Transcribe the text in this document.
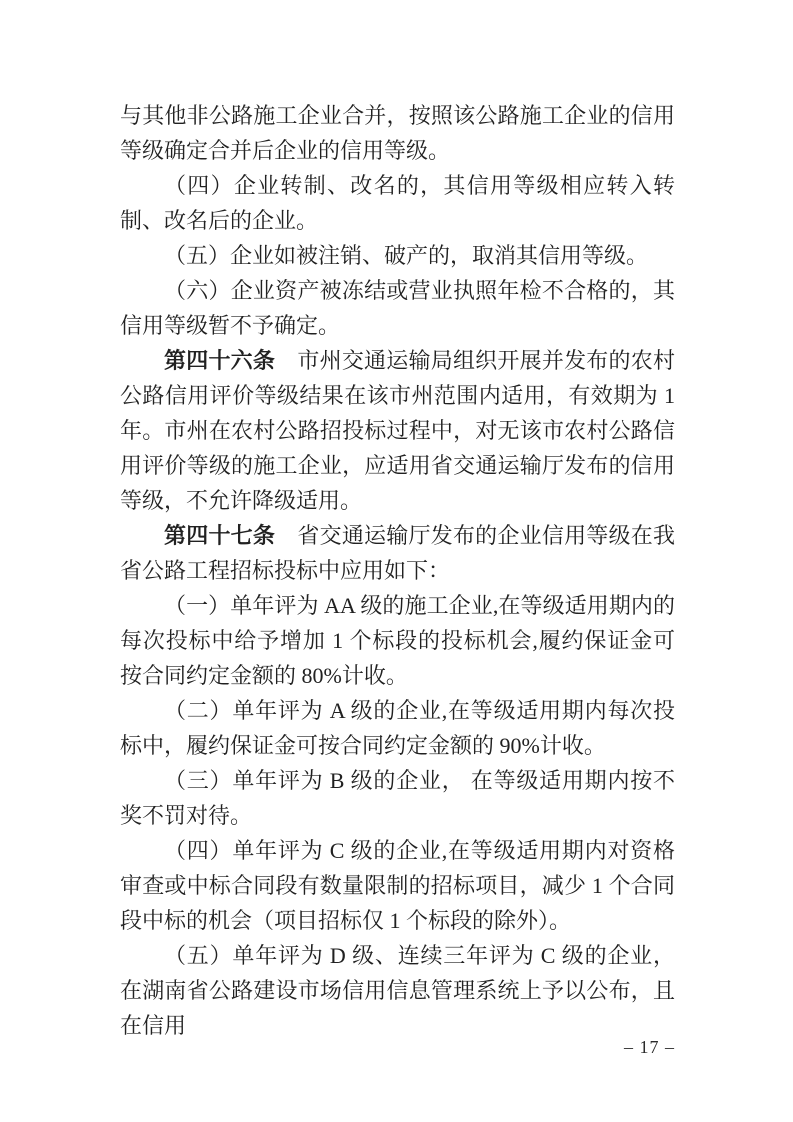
与其他非公路施工企业合并，按照该公路施工企业的信用等级确定合并后企业的信用等级。

（四）企业转制、改名的，其信用等级相应转入转制、改名后的企业。

（五）企业如被注销、破产的，取消其信用等级。

（六）企业资产被冻结或营业执照年检不合格的，其信用等级暂不予确定。

第四十六条　市州交通运输局组织开展并发布的农村公路信用评价等级结果在该市州范围内适用，有效期为 1 年。市州在农村公路招投标过程中，对无该市农村公路信用评价等级的施工企业，应适用省交通运输厅发布的信用等级，不允许降级适用。

第四十七条　省交通运输厅发布的企业信用等级在我省公路工程招标投标中应用如下：

（一）单年评为 AA 级的施工企业,在等级适用期内的每次投标中给予增加 1 个标段的投标机会,履约保证金可按合同约定金额的 80%计收。

（二）单年评为 A 级的企业,在等级适用期内每次投标中，履约保证金可按合同约定金额的 90%计收。

（三）单年评为 B 级的企业， 在等级适用期内按不奖不罚对待。

（四）单年评为 C 级的企业,在等级适用期内对资格审查或中标合同段有数量限制的招标项目，减少 1 个合同段中标的机会（项目招标仅 1 个标段的除外）。

（五）单年评为 D 级、连续三年评为 C 级的企业，在湖南省公路建设市场信用信息管理系统上予以公布，且在信用

– 17 –
